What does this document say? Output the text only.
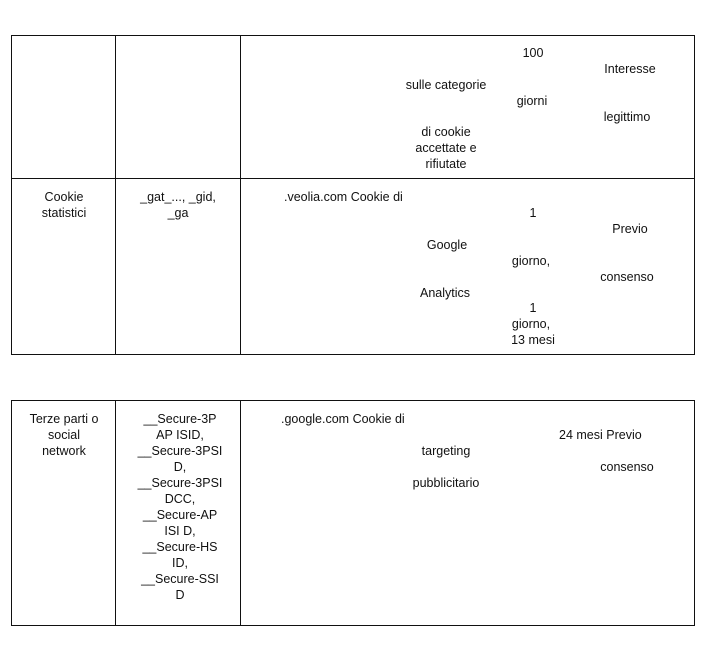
sulle categorie
di cookie
accettate e
rifiutate
100
giorni
Interesse
legittimo
Cookie
statistici
_gat_..., _gid,
_ga
.veolia.com Cookie di
Google
Analytics
1
giorno,
1
giorno,
13 mesi
Previo
consenso
Terze parti o
social
network
__Secure-3P
AP ISID,
__Secure-3PSI
D,
__Secure-3PSI
DCC,
__Secure-AP
ISI D,
__Secure-HS
ID,
__Secure-SSI
D
.google.com Cookie di
targeting
pubblicitario
24 mesi Previo
consenso
